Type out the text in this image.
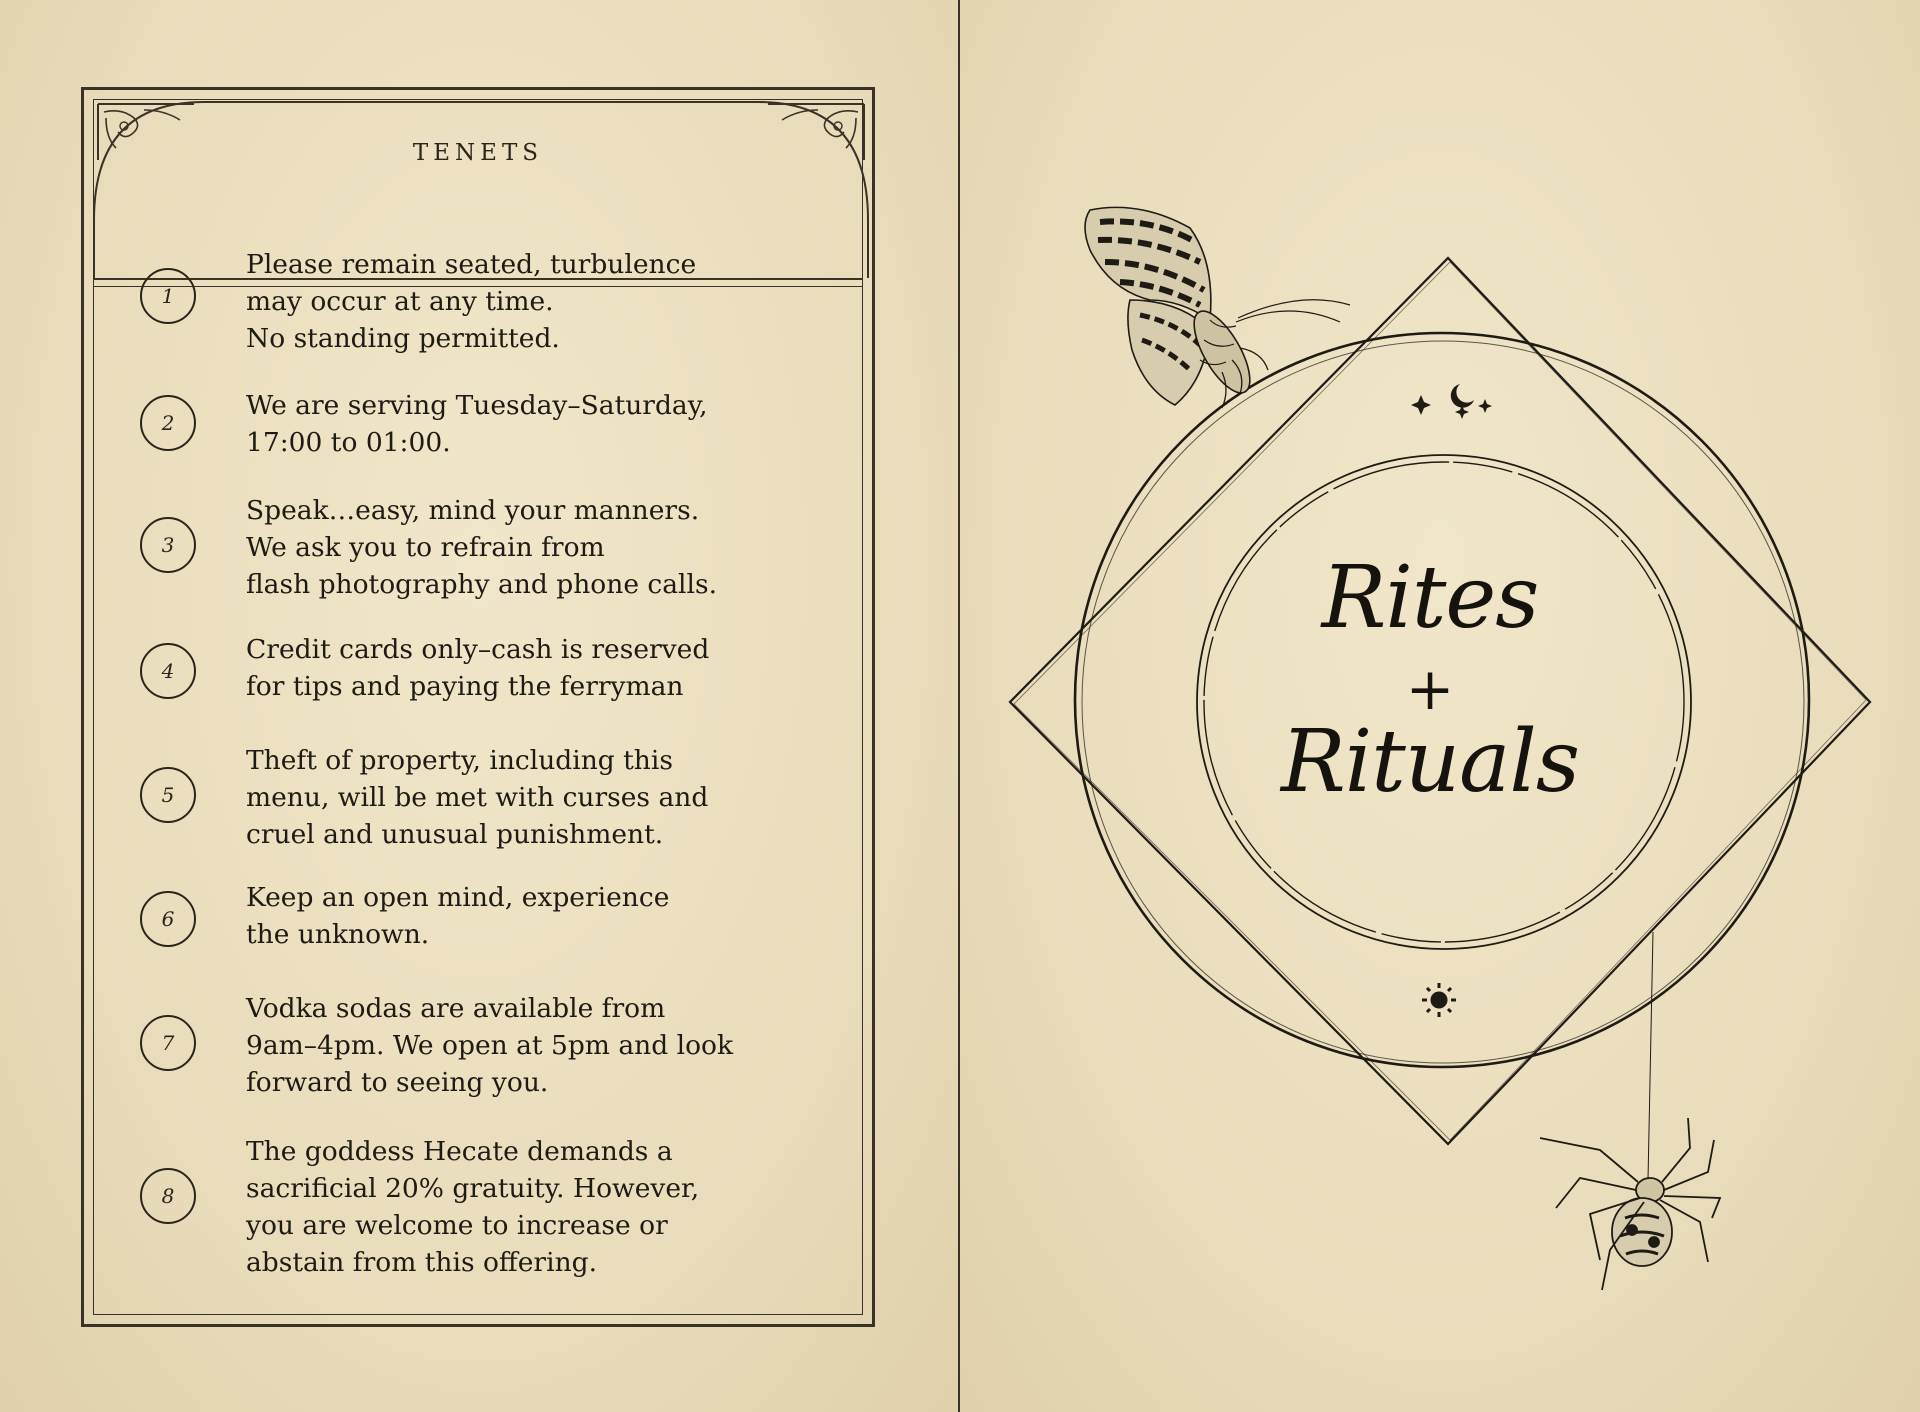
TENETS
1
Please remain seated, turbulence
may occur at any time.
No standing permitted.
2
We are serving Tuesday–Saturday,
17:00 to 01:00.
3
Speak…easy, mind your manners.
We ask you to refrain from
flash photography and phone calls.
4
Credit cards only–cash is reserved
for tips and paying the ferryman
5
Theft of property, including this
menu, will be met with curses and
cruel and unusual punishment.
6
Keep an open mind, experience
the unknown.
7
Vodka sodas are available from
9am–4pm. We open at 5pm and look
forward to seeing you.
8
The goddess Hecate demands a
sacrificial 20% gratuity. However,
you are welcome to increase or
abstain from this offering.
Rites
+
Rituals
